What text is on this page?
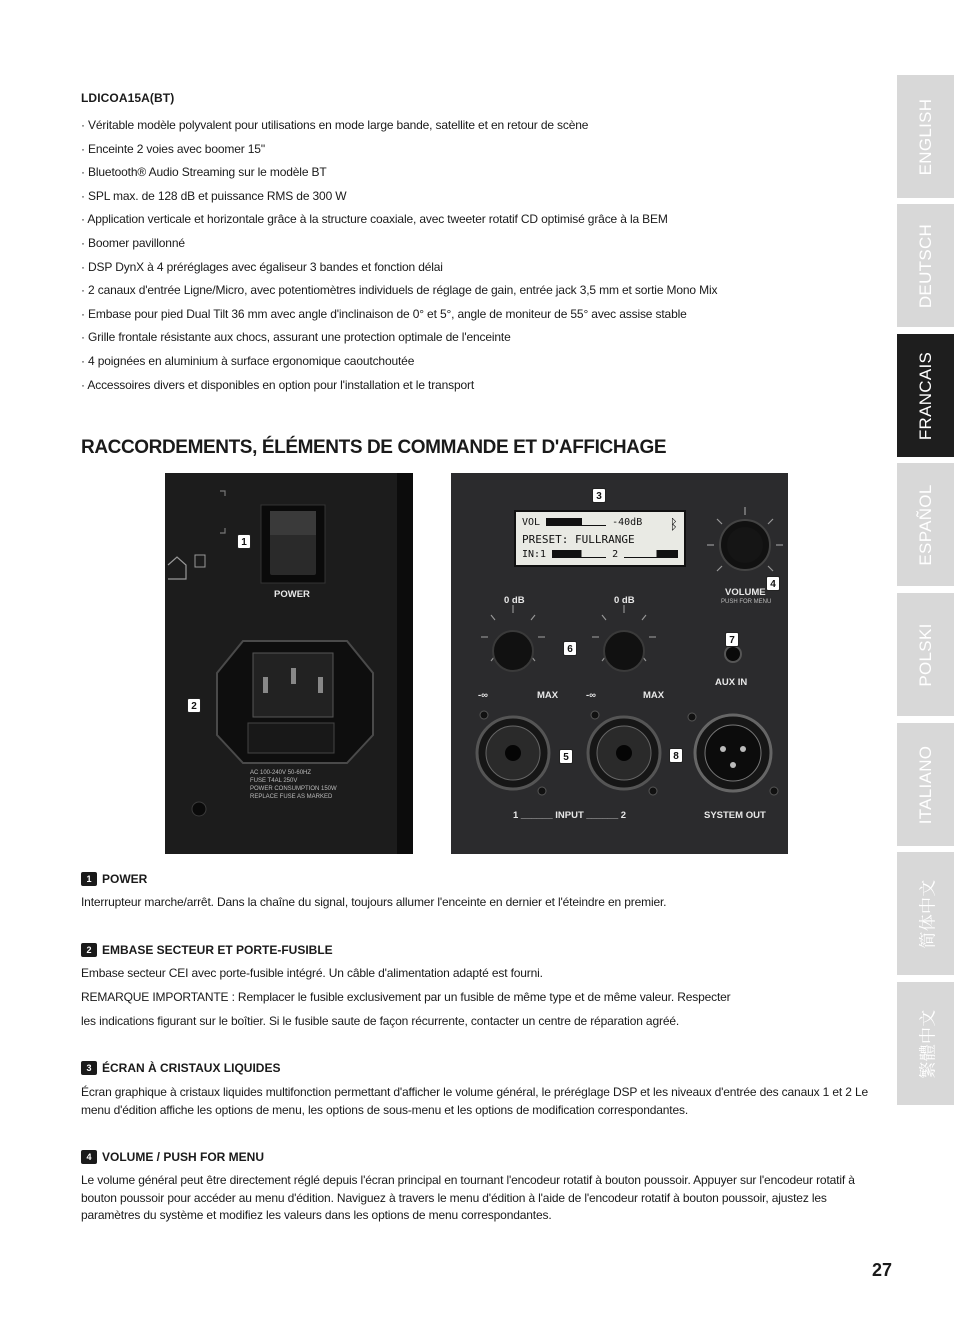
LDICOA15A(BT)
· Véritable modèle polyvalent pour utilisations en mode large bande, satellite et en retour de scène
· Enceinte 2 voies avec boomer 15"
· Bluetooth® Audio Streaming sur le modèle BT
· SPL max. de 128 dB et puissance RMS de 300 W
· Application verticale et horizontale grâce à la structure coaxiale, avec tweeter rotatif CD optimisé grâce à la BEM
· Boomer pavillonné
· DSP DynX à 4 préréglages avec égaliseur 3 bandes et fonction délai
· 2 canaux d'entrée Ligne/Micro, avec potentiomètres individuels de réglage de gain, entrée jack 3,5 mm et sortie Mono Mix
· Embase pour pied Dual Tilt 36 mm avec angle d'inclinaison de 0° et 5°, angle de moniteur de 55° avec assise stable
· Grille frontale résistante aux chocs, assurant une protection optimale de l'enceinte
· 4 poignées en aluminium à surface ergonomique caoutchoutée
· Accessoires divers et disponibles en option pour l'installation et le transport
RACCORDEMENTS, ÉLÉMENTS DE COMMANDE ET D'AFFICHAGE
1
POWER
2
AC 100-240V 50-60HZ
FUSE T4AL 250V
POWER CONSUMPTION 150W
REPLACE FUSE AS MARKED
VOL	-40dB
PRESET: FULLRANGE
IN:1	2
ᛒ
3
4
5
6
7
8
VOLUME
PUSH FOR MENU
0 dB	0 dB
-∞	MAX	-∞	MAX
AUX IN
1 ______ INPUT ______ 2	SYSTEM OUT
1 POWER
Interrupteur marche/arrêt. Dans la chaîne du signal, toujours allumer l'enceinte en dernier et l'éteindre en premier.
2 EMBASE SECTEUR ET PORTE-FUSIBLE
Embase secteur CEI avec porte-fusible intégré. Un câble d'alimentation adapté est fourni.
REMARQUE IMPORTANTE : Remplacer le fusible exclusivement par un fusible de même type et de même valeur. Respecter
les indications figurant sur le boîtier. Si le fusible saute de façon récurrente, contacter un centre de réparation agréé.
3 ÉCRAN À CRISTAUX LIQUIDES
Écran graphique à cristaux liquides multifonction permettant d'afficher le volume général, le préréglage DSP et les niveaux d'entrée des canaux 1 et 2 Le menu d'édition affiche les options de menu, les options de sous-menu et les options de modification correspondantes.
4 VOLUME / PUSH FOR MENU
Le volume général peut être directement réglé depuis l'écran principal en tournant l'encodeur rotatif à bouton poussoir. Appuyer sur l'encodeur rotatif à bouton poussoir pour accéder au menu d'édition. Naviguez à travers le menu d'édition à l'aide de l'encodeur rotatif à bouton poussoir, ajustez les paramètres du système et modifiez les valeurs dans les options de menu correspondantes.
ENGLISH
DEUTSCH
FRANCAIS
ESPAÑOL
POLSKI
ITALIANO
简体中文
繁體中文
27
